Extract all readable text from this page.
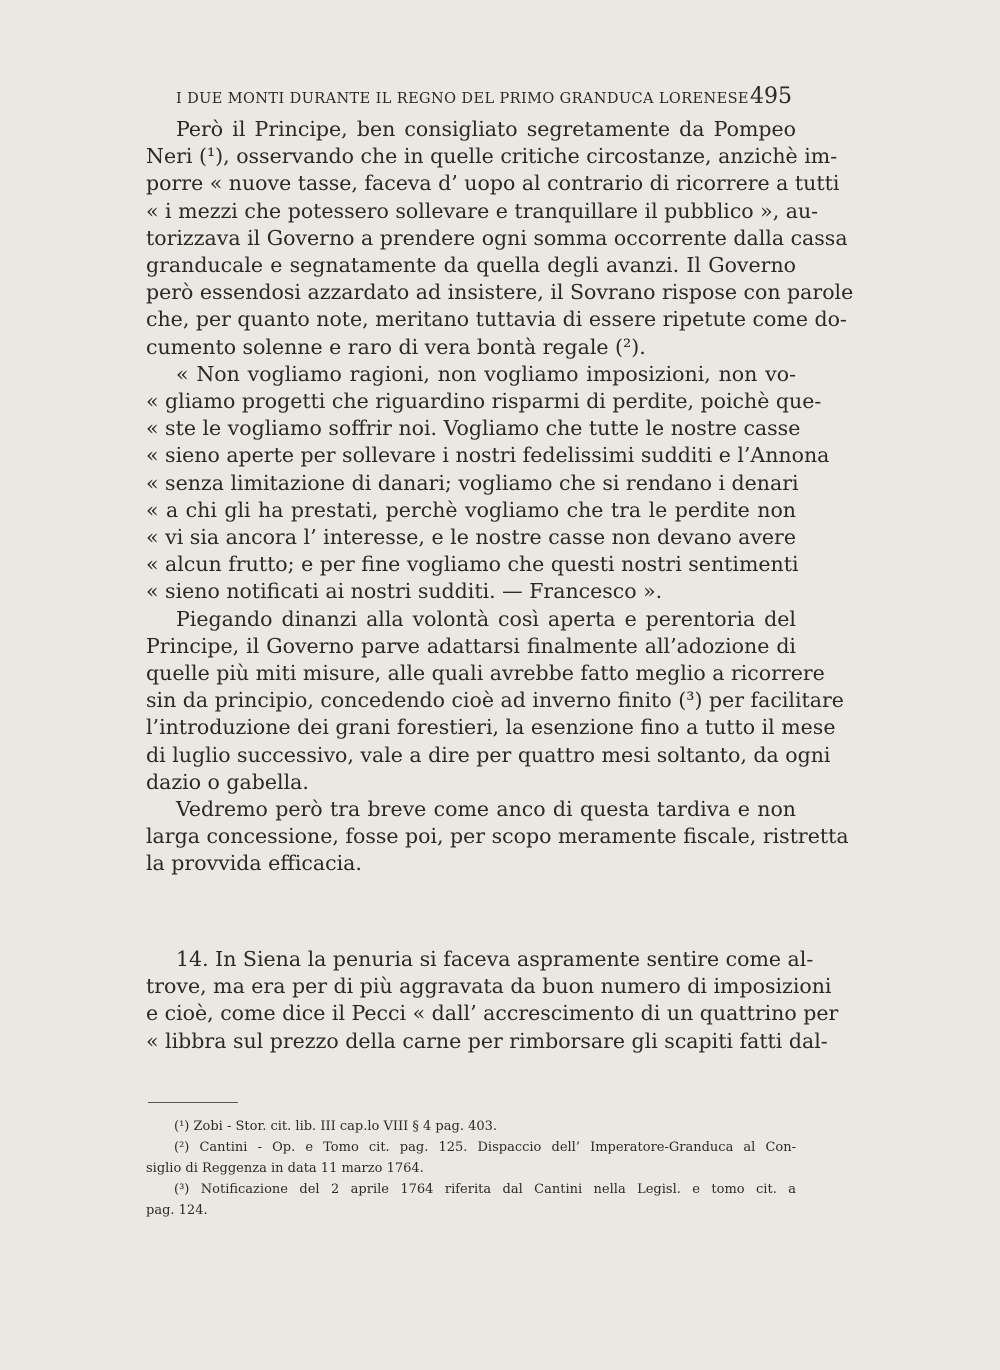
I DUE MONTI DURANTE IL REGNO DEL PRIMO GRANDUCA LORENESE 495
Però il Principe, ben consigliato segretamente da Pompeo
Neri (¹), osservando che in quelle critiche circostanze, anzichè im-
porre « nuove tasse, faceva d’ uopo al contrario di ricorrere a tutti
« i mezzi che potessero sollevare e tranquillare il pubblico », au-
torizzava il Governo a prendere ogni somma occorrente dalla cassa
granducale e segnatamente da quella degli avanzi. Il Governo
però essendosi azzardato ad insistere, il Sovrano rispose con parole
che, per quanto note, meritano tuttavia di essere ripetute come do-
cumento solenne e raro di vera bontà regale (²).
« Non vogliamo ragioni, non vogliamo imposizioni, non vo-
« gliamo progetti che riguardino risparmi di perdite, poichè que-
« ste le vogliamo soffrir noi. Vogliamo che tutte le nostre casse
« sieno aperte per sollevare i nostri fedelissimi sudditi e l’Annona
« senza limitazione di danari; vogliamo che si rendano i denari
« a chi gli ha prestati, perchè vogliamo che tra le perdite non
« vi sia ancora l’ interesse, e le nostre casse non devano avere
« alcun frutto; e per fine vogliamo che questi nostri sentimenti
« sieno notificati ai nostri sudditi. — Francesco ».
Piegando dinanzi alla volontà così aperta e perentoria del
Principe, il Governo parve adattarsi finalmente all’adozione di
quelle più miti misure, alle quali avrebbe fatto meglio a ricorrere
sin da principio, concedendo cioè ad inverno finito (³) per facilitare
l’introduzione dei grani forestieri, la esenzione fino a tutto il mese
di luglio successivo, vale a dire per quattro mesi soltanto, da ogni
dazio o gabella.
Vedremo però tra breve come anco di questa tardiva e non
larga concessione, fosse poi, per scopo meramente fiscale, ristretta
la provvida efficacia.
14. In Siena la penuria si faceva aspramente sentire come al-
trove, ma era per di più aggravata da buon numero di imposizioni
e cioè, come dice il Pecci « dall’ accrescimento di un quattrino per
« libbra sul prezzo della carne per rimborsare gli scapiti fatti dal-
(¹) Zobi - Stor. cit. lib. III cap.lo VIII § 4 pag. 403.
(²) Cantini - Op. e Tomo cit. pag. 125. Dispaccio dell’ Imperatore-Granduca al Con-
siglio di Reggenza in data 11 marzo 1764.
(³) Notificazione del 2 aprile 1764 riferita dal Cantini nella Legisl. e tomo cit. a
pag. 124.
